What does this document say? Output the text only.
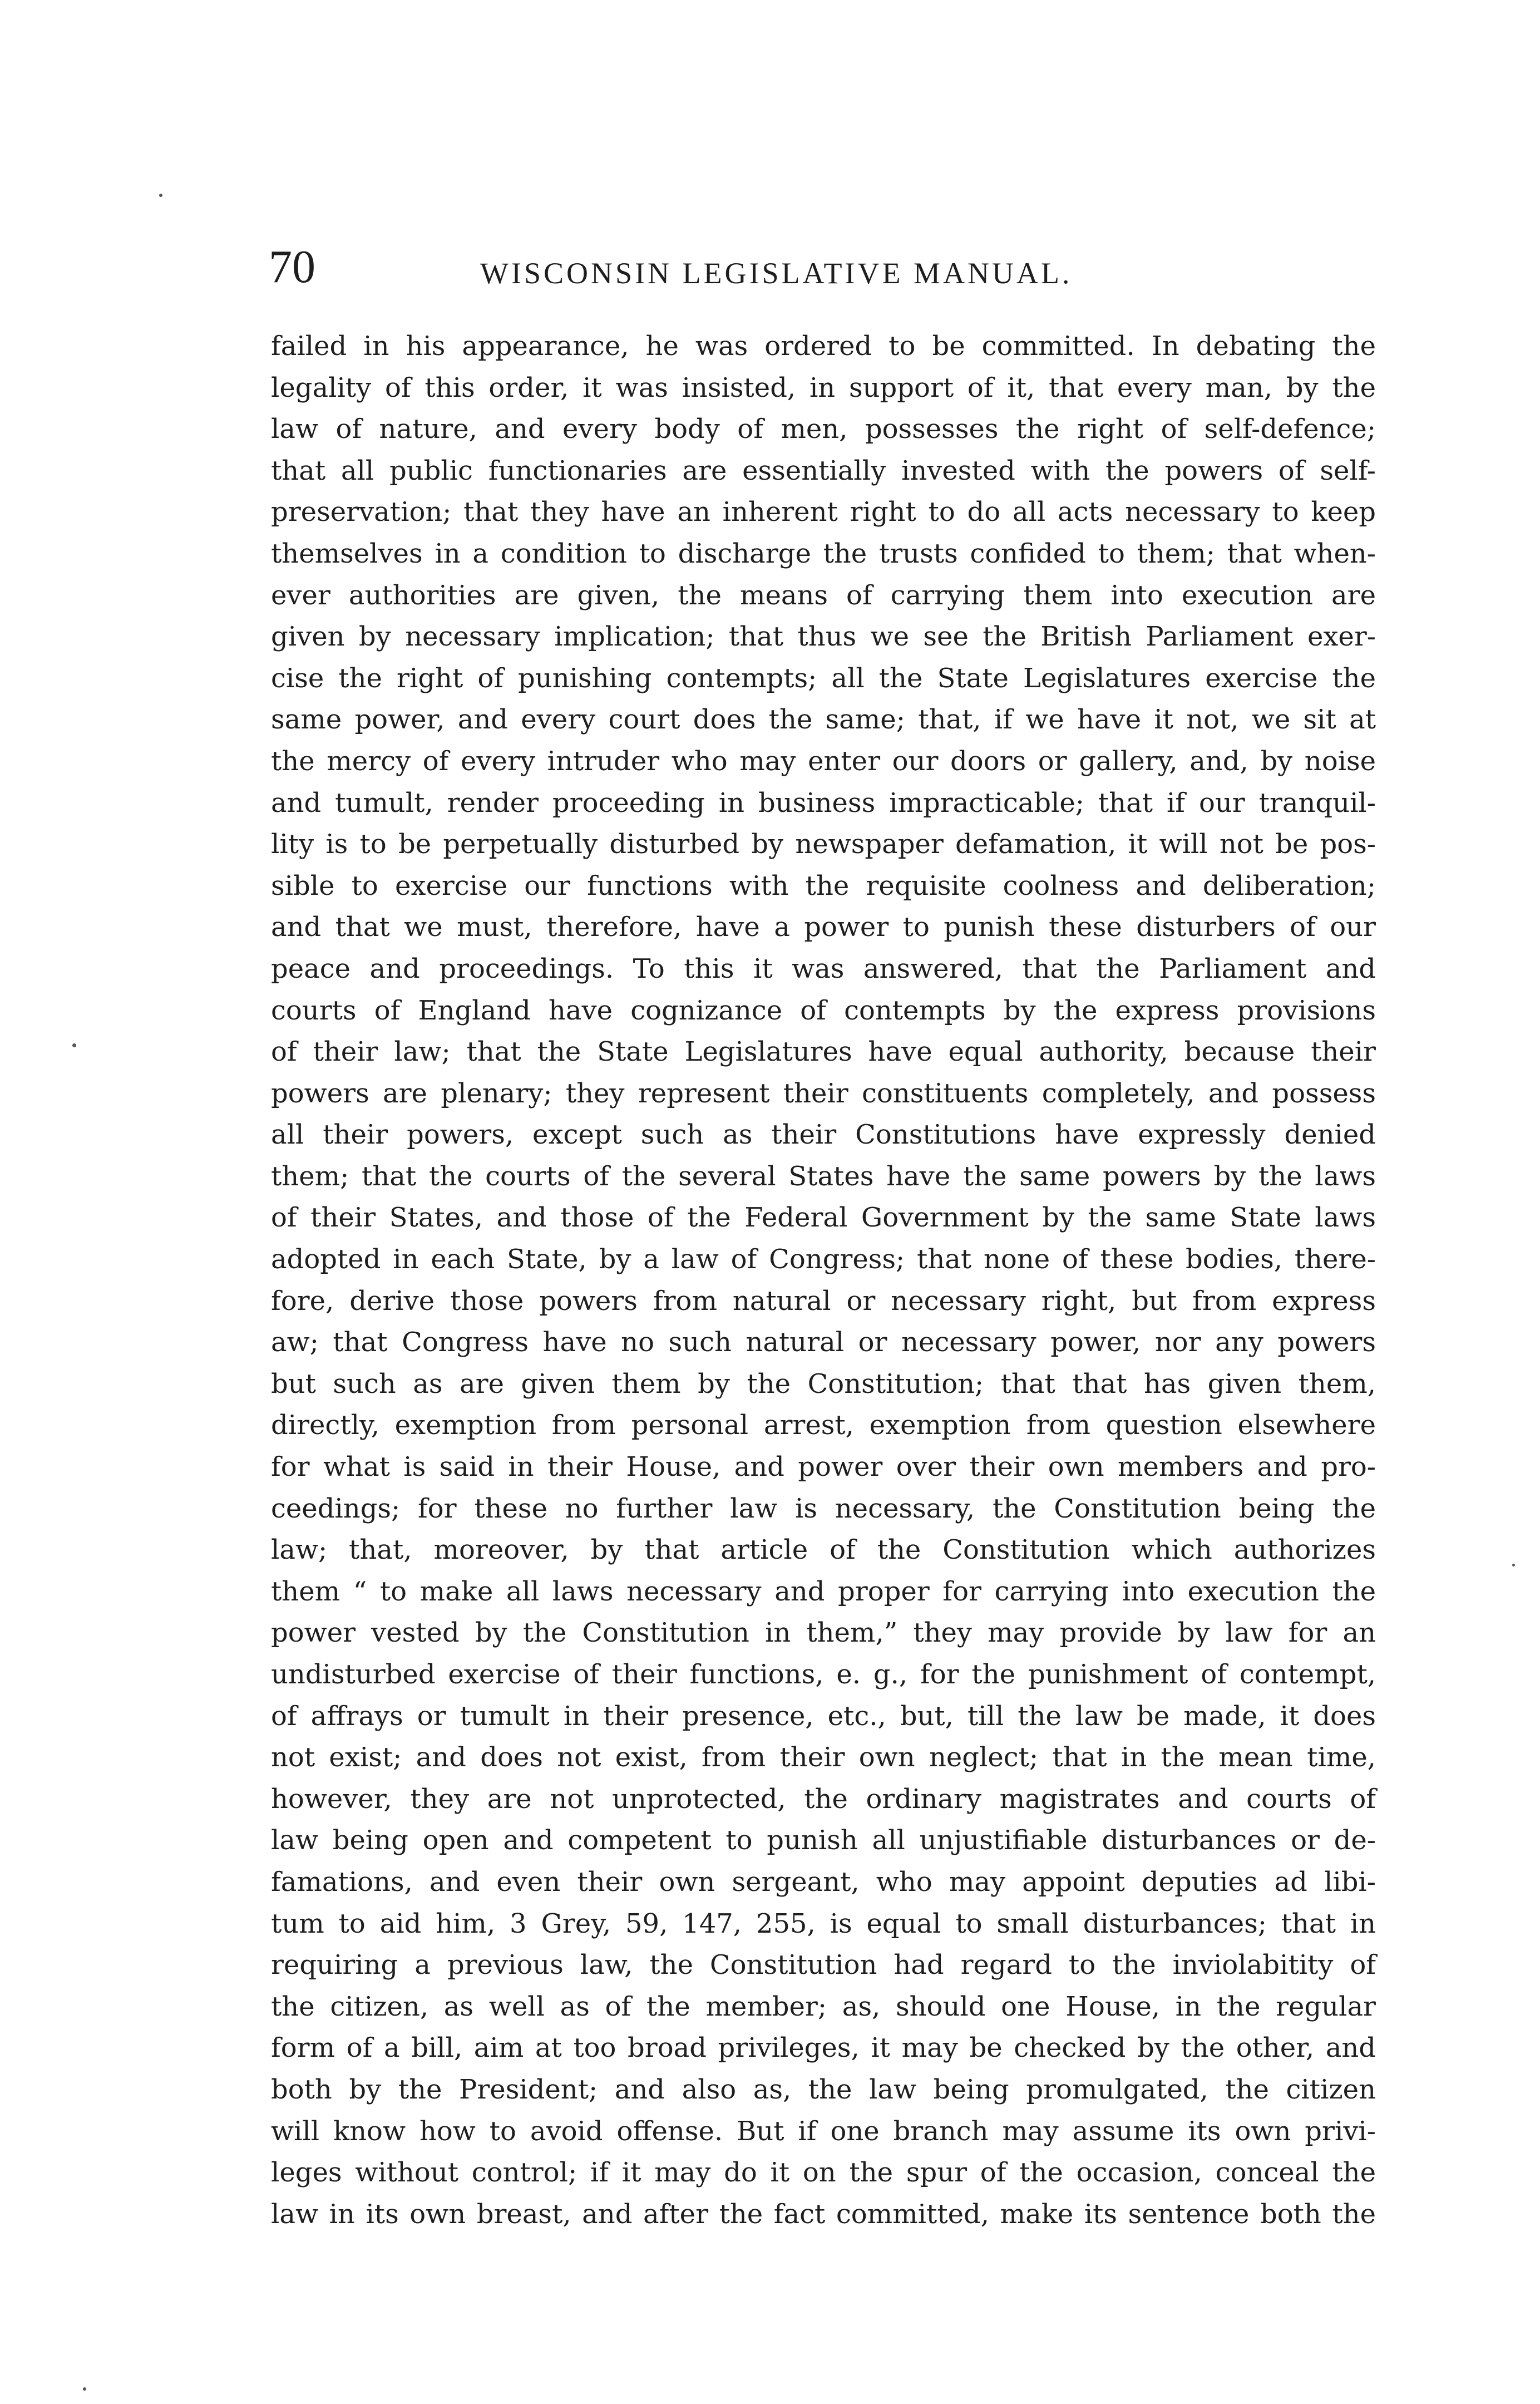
70	WISCONSIN LEGISLATIVE MANUAL.
failed in his appearance, he was ordered to be committed. In debating the
legality of this order, it was insisted, in support of it, that every man, by the
law of nature, and every body of men, possesses the right of self-defence;
that all public functionaries are essentially invested with the powers of self-
preservation; that they have an inherent right to do all acts necessary to keep
themselves in a condition to discharge the trusts confided to them; that when-
ever authorities are given, the means of carrying them into execution are
given by necessary implication; that thus we see the British Parliament exer-
cise the right of punishing contempts; all the State Legislatures exercise the
same power, and every court does the same; that, if we have it not, we sit at
the mercy of every intruder who may enter our doors or gallery, and, by noise
and tumult, render proceeding in business impracticable; that if our tranquil-
lity is to be perpetually disturbed by newspaper defamation, it will not be pos-
sible to exercise our functions with the requisite coolness and deliberation;
and that we must, therefore, have a power to punish these disturbers of our
peace and proceedings. To this it was answered, that the Parliament and
courts of England have cognizance of contempts by the express provisions
of their law; that the State Legislatures have equal authority, because their
powers are plenary; they represent their constituents completely, and possess
all their powers, except such as their Constitutions have expressly denied
them; that the courts of the several States have the same powers by the laws
of their States, and those of the Federal Government by the same State laws
adopted in each State, by a law of Congress; that none of these bodies, there-
fore, derive those powers from natural or necessary right, but from express
aw; that Congress have no such natural or necessary power, nor any powers
but such as are given them by the Constitution; that that has given them,
directly, exemption from personal arrest, exemption from question elsewhere
for what is said in their House, and power over their own members and pro-
ceedings; for these no further law is necessary, the Constitution being the
law; that, moreover, by that article of the Constitution which authorizes
them “ to make all laws necessary and proper for carrying into execution the
power vested by the Constitution in them,” they may provide by law for an
undisturbed exercise of their functions, e. g., for the punishment of contempt,
of affrays or tumult in their presence, etc., but, till the law be made, it does
not exist; and does not exist, from their own neglect; that in the mean time,
however, they are not unprotected, the ordinary magistrates and courts of
law being open and competent to punish all unjustifiable disturbances or de-
famations, and even their own sergeant, who may appoint deputies ad libi-
tum to aid him, 3 Grey, 59, 147, 255, is equal to small disturbances; that in
requiring a previous law, the Constitution had regard to the inviolabitity of
the citizen, as well as of the member; as, should one House, in the regular
form of a bill, aim at too broad privileges, it may be checked by the other, and
both by the President; and also as, the law being promulgated, the citizen
will know how to avoid offense. But if one branch may assume its own privi-
leges without control; if it may do it on the spur of the occasion, conceal the
law in its own breast, and after the fact committed, make its sentence both the
